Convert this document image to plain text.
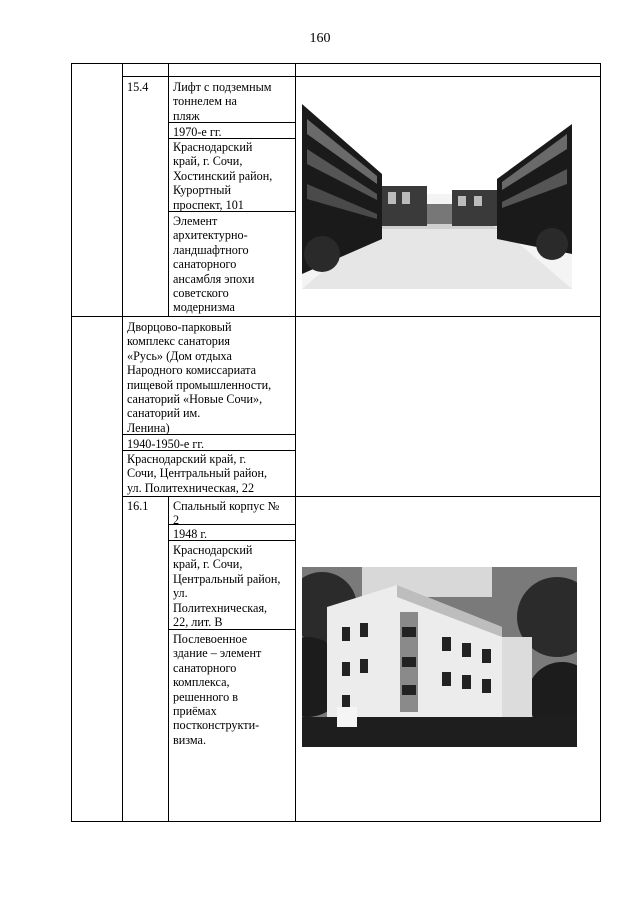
160
15.4 Лифт с подземным
тоннелем на
пляж
1970-е гг.
Краснодарский
край, г. Сочи,
Хостинский район,
Курортный
проспект, 101
Элемент
архитектурно-
ландшафтного
санаторного
ансамбля эпохи
советского
модернизма
Дворцово-парковый
комплекс санатория
«Русь» (Дом отдыха
Народного комиссариата
пищевой промышленности,
санаторий «Новые Сочи»,
санаторий им.
Ленина)
1940-1950-е гг.
Краснодарский край, г.
Сочи, Центральный район,
ул. Политехническая, 22
16.1 Спальный корпус №
2
1948 г.
Краснодарский
край, г. Сочи,
Центральный район,
ул.
Политехническая,
22, лит. В
Послевоенное
здание – элемент
санаторного
комплекса,
решенного в
приёмах
постконструкти-
визма.
